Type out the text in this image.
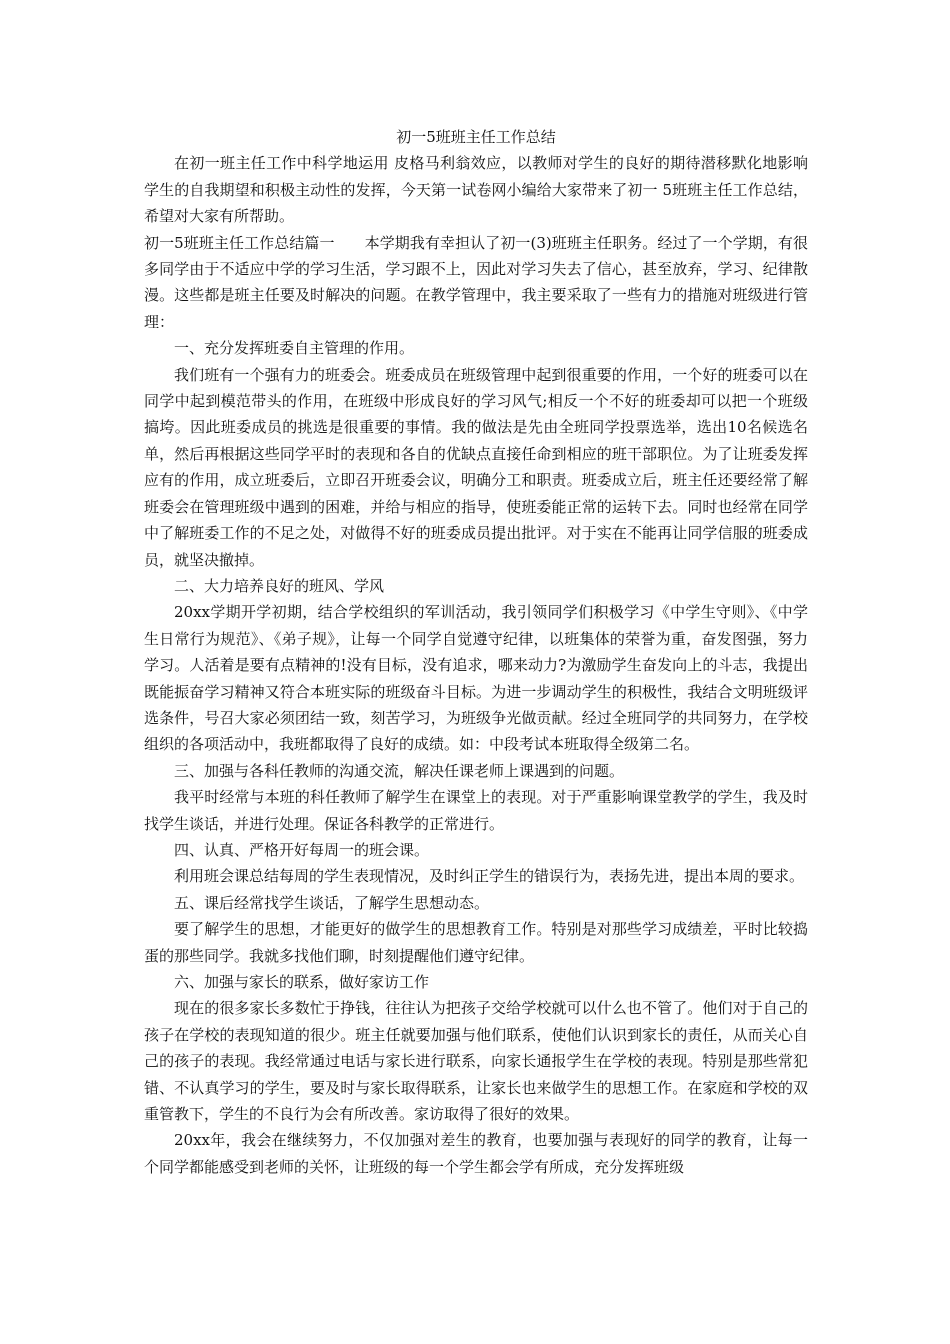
初一5班班主任工作总结

在初一班主任工作中科学地运用 皮格马利翁效应，以教师对学生的良好的期待潜移默化地影响学生的自我期望和积极主动性的发挥，今天第一试卷网小编给大家带来了初一 5班班主任工作总结，希望对大家有所帮助。

初一5班班主任工作总结篇一　　本学期我有幸担认了初一(3)班班主任职务。经过了一个学期，有很多同学由于不适应中学的学习生活，学习跟不上，因此对学习失去了信心，甚至放弃，学习、纪律散漫。这些都是班主任要及时解决的问题。在教学管理中，我主要采取了一些有力的措施对班级进行管理：

一、充分发挥班委自主管理的作用。

我们班有一个强有力的班委会。班委成员在班级管理中起到很重要的作用，一个好的班委可以在同学中起到模范带头的作用，在班级中形成良好的学习风气;相反一个不好的班委却可以把一个班级搞垮。因此班委成员的挑选是很重要的事情。我的做法是先由全班同学投票选举，选出10名候选名单，然后再根据这些同学平时的表现和各自的优缺点直接任命到相应的班干部职位。为了让班委发挥应有的作用，成立班委后，立即召开班委会议，明确分工和职责。班委成立后，班主任还要经常了解班委会在管理班级中遇到的困难，并给与相应的指导，使班委能正常的运转下去。同时也经常在同学中了解班委工作的不足之处，对做得不好的班委成员提出批评。对于实在不能再让同学信服的班委成员，就坚决撤掉。

二、大力培养良好的班风、学风

20xx学期开学初期，结合学校组织的军训活动，我引领同学们积极学习《中学生守则》、《中学生日常行为规范》、《弟子规》，让每一个同学自觉遵守纪律，以班集体的荣誉为重，奋发图强，努力学习。人活着是要有点精神的!没有目标，没有追求，哪来动力?为激励学生奋发向上的斗志，我提出既能振奋学习精神又符合本班实际的班级奋斗目标。为进一步调动学生的积极性，我结合文明班级评选条件，号召大家必须团结一致，刻苦学习，为班级争光做贡献。经过全班同学的共同努力，在学校组织的各项活动中，我班都取得了良好的成绩。如：中段考试本班取得全级第二名。

三、加强与各科任教师的沟通交流，解决任课老师上课遇到的问题。

我平时经常与本班的科任教师了解学生在课堂上的表现。对于严重影响课堂教学的学生，我及时找学生谈话，并进行处理。保证各科教学的正常进行。

四、认真、严格开好每周一的班会课。

利用班会课总结每周的学生表现情况，及时纠正学生的错误行为，表扬先进，提出本周的要求。

五、课后经常找学生谈话，了解学生思想动态。

要了解学生的思想，才能更好的做学生的思想教育工作。特别是对那些学习成绩差，平时比较捣蛋的那些同学。我就多找他们聊，时刻提醒他们遵守纪律。

六、加强与家长的联系，做好家访工作

现在的很多家长多数忙于挣钱，往往认为把孩子交给学校就可以什么也不管了。他们对于自己的孩子在学校的表现知道的很少。班主任就要加强与他们联系，使他们认识到家长的责任，从而关心自己的孩子的表现。我经常通过电话与家长进行联系，向家长通报学生在学校的表现。特别是那些常犯错、不认真学习的学生，要及时与家长取得联系，让家长也来做学生的思想工作。在家庭和学校的双重管教下，学生的不良行为会有所改善。家访取得了很好的效果。

20xx年，我会在继续努力，不仅加强对差生的教育，也要加强与表现好的同学的教育，让每一个同学都能感受到老师的关怀，让班级的每一个学生都会学有所成，充分发挥班级
